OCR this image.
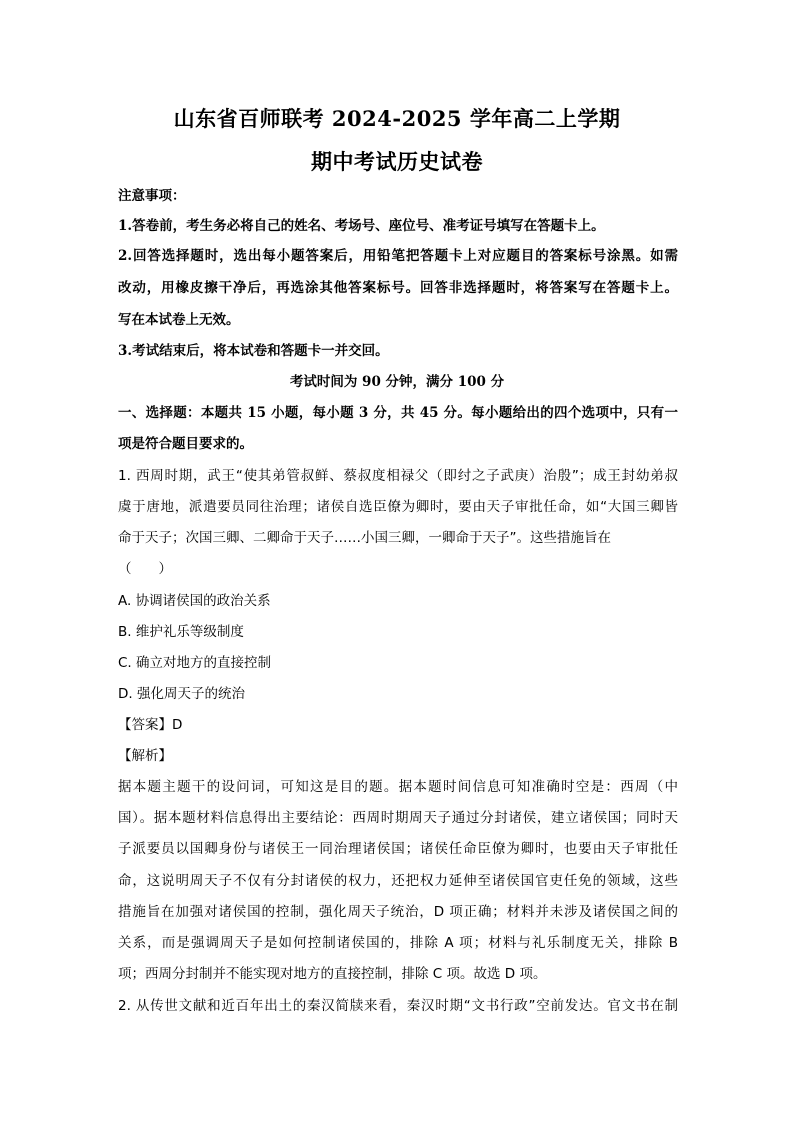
山东省百师联考 2024-2025 学年高二上学期
期中考试历史试卷
注意事项：
1.答卷前，考生务必将自己的姓名、考场号、座位号、准考证号填写在答题卡上。
2.回答选择题时，选出每小题答案后，用铅笔把答题卡上对应题目的答案标号涂黑。如需
改动，用橡皮擦干净后，再选涂其他答案标号。回答非选择题时，将答案写在答题卡上。
写在本试卷上无效。
3.考试结束后，将本试卷和答题卡一并交回。
考试时间为 90 分钟，满分 100 分
一、选择题：本题共 15 小题，每小题 3 分，共 45 分。每小题给出的四个选项中，只有一
项是符合题目要求的。
1. 西周时期，武王“使其弟管叔鲜、蔡叔度相禄父（即纣之子武庚）治殷”；成王封幼弟叔
虞于唐地，派遣要员同往治理；诸侯自选臣僚为卿时，要由天子审批任命，如“大国三卿皆
命于天子；次国三卿、二卿命于天子……小国三卿，一卿命于天子”。这些措施旨在
（　　）
A. 协调诸侯国的政治关系
B. 维护礼乐等级制度
C. 确立对地方的直接控制
D. 强化周天子的统治
【答案】D
【解析】
据本题主题干的设问词，可知这是目的题。据本题时间信息可知准确时空是：西周（中
国）。据本题材料信息得出主要结论：西周时期周天子通过分封诸侯，建立诸侯国；同时天
子派要员以国卿身份与诸侯王一同治理诸侯国；诸侯任命臣僚为卿时，也要由天子审批任
命，这说明周天子不仅有分封诸侯的权力，还把权力延伸至诸侯国官吏任免的领域，这些
措施旨在加强对诸侯国的控制，强化周天子统治，D 项正确；材料并未涉及诸侯国之间的
关系，而是强调周天子是如何控制诸侯国的，排除 A 项；材料与礼乐制度无关，排除 B
项；西周分封制并不能实现对地方的直接控制，排除 C 项。故选 D 项。
2. 从传世文献和近百年出土的秦汉简牍来看，秦汉时期“文书行政”空前发达。官文书在制
